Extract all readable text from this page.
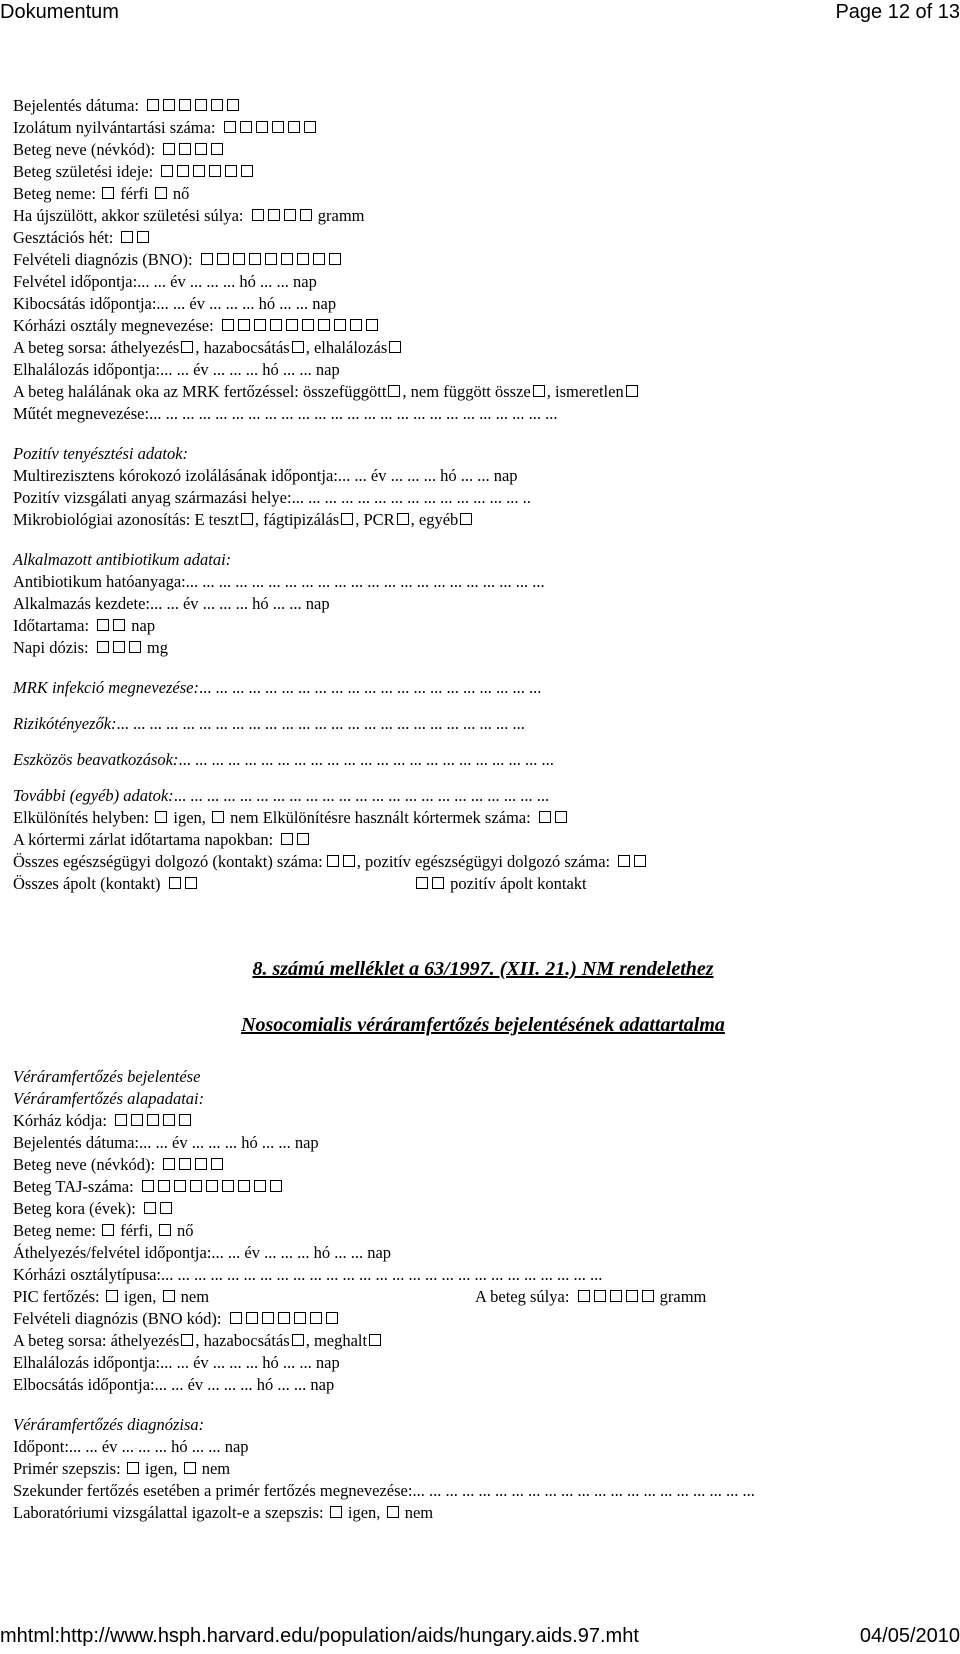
Dokumentum	Page 12 of 13
Bejelentés dátuma:
Izolátum nyilvántartási száma:
Beteg neve (névkód):
Beteg születési ideje:
Beteg neme: férfi nő
Ha újszülött, akkor születési súlya:	gramm
Gesztációs hét:
Felvételi diagnózis (BNO):
Felvétel időpontja:... ... év ... ... ... hó ... ... nap
Kibocsátás időpontja:... ... év ... ... ... hó ... ... nap
Kórházi osztály megnevezése:
A beteg sorsa: áthelyezés , hazabocsátás , elhalálozás
Elhalálozás időpontja:... ... év ... ... ... hó ... ... nap
A beteg halálának oka az MRK fertőzéssel: összefüggött , nem függött össze , ismeretlen
Műtét megnevezése:... ... ... ... ... ... ... ... ... ... ... ... ... ... ... ... ... ... ... ... ... ... ... ... ...
Pozitív tenyésztési adatok:
Multirezisztens kórokozó izolálásának időpontja:... ... év ... ... ... hó ... ... nap
Pozitív vizsgálati anyag származási helye:... ... ... ... ... ... ... ... ... ... ... ... ... ... ..
Mikrobiológiai azonosítás: E teszt , fágtipizálás , PCR , egyéb
Alkalmazott antibiotikum adatai:
Antibiotikum hatóanyaga:... ... ... ... ... ... ... ... ... ... ... ... ... ... ... ... ... ... ... ... ... ...
Alkalmazás kezdete:... ... év ... ... ... hó ... ... nap
Időtartama:	nap
Napi dózis:	mg
MRK infekció megnevezése:... ... ... ... ... ... ... ... ... ... ... ... ... ... ... ... ... ... ... ... ...
Rizikótényezők:... ... ... ... ... ... ... ... ... ... ... ... ... ... ... ... ... ... ... ... ... ... ... ... ...
Eszközös beavatkozások:... ... ... ... ... ... ... ... ... ... ... ... ... ... ... ... ... ... ... ... ... ... ...
További (egyéb) adatok:... ... ... ... ... ... ... ... ... ... ... ... ... ... ... ... ... ... ... ... ... ... ...
Elkülönítés helyben: igen, nem Elkülönítésre használt kórtermek száma:
A kórtermi zárlat időtartama napokban:
Összes egészségügyi dolgozó (kontakt) száma: , pozitív egészségügyi dolgozó száma:
Összes ápolt (kontakt)	pozitív ápolt kontakt
8. számú melléklet a 63/1997. (XII. 21.) NM rendelethez
Nosocomialis véráramfertőzés bejelentésének adattartalma
Véráramfertőzés bejelentése
Véráramfertőzés alapadatai:
Kórház kódja:
Bejelentés dátuma:... ... év ... ... ... hó ... ... nap
Beteg neve (névkód):
Beteg TAJ-száma:
Beteg kora (évek):
Beteg neme: férfi, nő
Áthelyezés/felvétel időpontja:... ... év ... ... ... hó ... ... nap
Kórházi osztálytípusa:... ... ... ... ... ... ... ... ... ... ... ... ... ... ... ... ... ... ... ... ... ... ... ... ... ... ...
PIC fertőzés: igen, nem	A beteg súlya:	gramm
Felvételi diagnózis (BNO kód):
A beteg sorsa: áthelyezés , hazabocsátás , meghalt
Elhalálozás időpontja:... ... év ... ... ... hó ... ... nap
Elbocsátás időpontja:... ... év ... ... ... hó ... ... nap
Véráramfertőzés diagnózisa:
Időpont:... ... év ... ... ... hó ... ... nap
Primér szepszis: igen, nem
Szekunder fertőzés esetében a primér fertőzés megnevezése:... ... ... ... ... ... ... ... ... ... ... ... ... ... ... ... ... ... ... ... ...
Laboratóriumi vizsgálattal igazolt-e a szepszis: igen, nem
mhtml:http://www.hsph.harvard.edu/population/aids/hungary.aids.97.mht	04/05/2010
